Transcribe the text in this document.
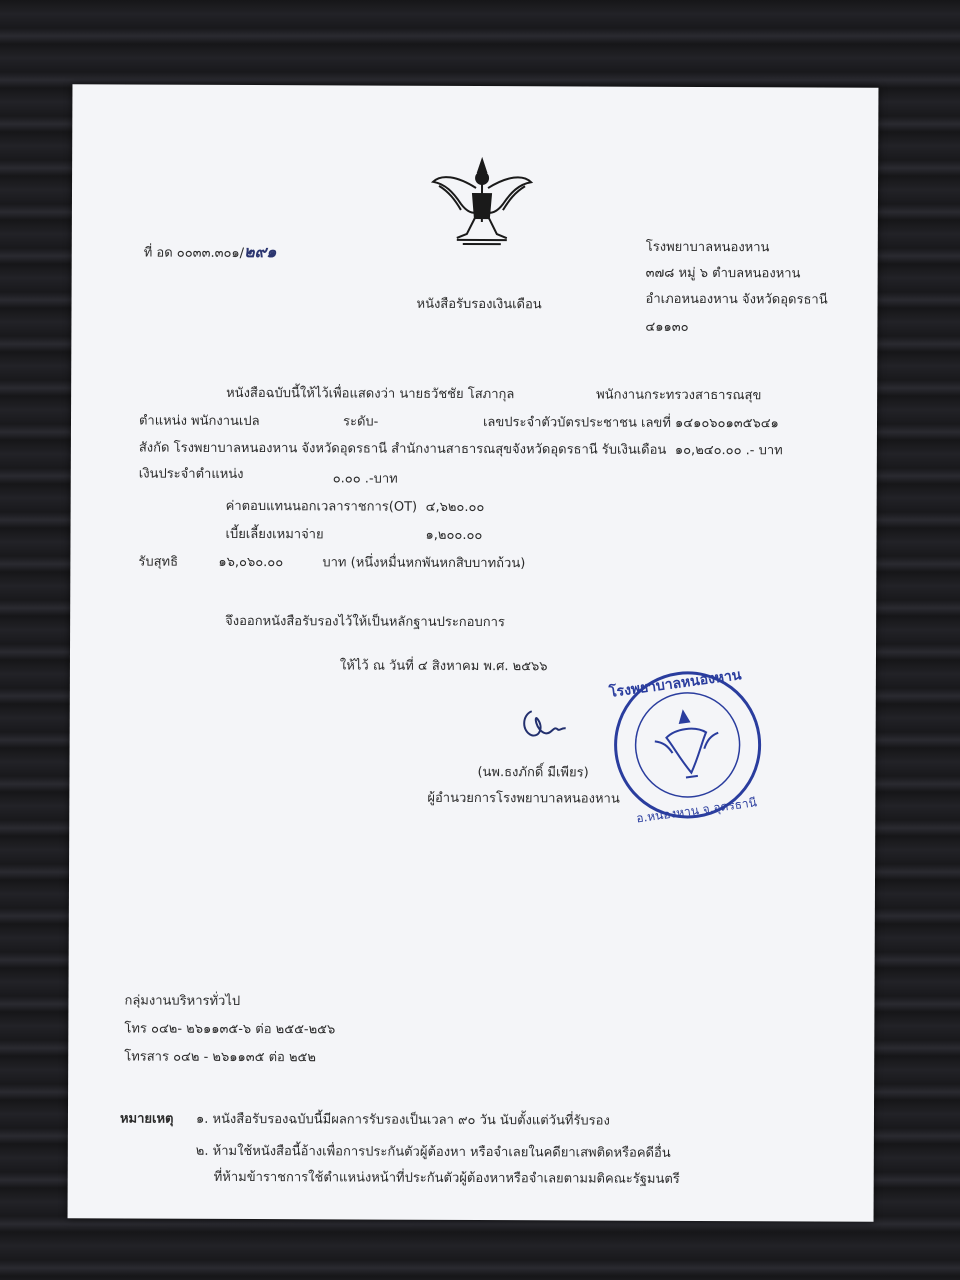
ที่ อด ๐๐๓๓.๓๐๑/๒๙๑	โรงพยาบาลหนองหาน
๓๗๘ หมู่ ๖ ตำบลหนองหาน
อำเภอหนองหาน จังหวัดอุดรธานี
๔๑๑๓๐
หนังสือรับรองเงินเดือน
หนังสือฉบับนี้ให้ไว้เพื่อแสดงว่า นายธวัชชัย โสภากุล	พนักงานกระทรวงสาธารณสุข
ตำแหน่ง พนักงานเปล	ระดับ-	เลขประจำตัวบัตรประชาชน เลขที่ ๑๔๑๐๖๐๑๓๕๖๔๑
สังกัด โรงพยาบาลหนองหาน จังหวัดอุดรธานี สำนักงานสาธารณสุขจังหวัดอุดรธานี รับเงินเดือน ๑๐,๒๔๐.๐๐ .- บาท
เงินประจำตำแหน่ง	๐.๐๐ .-บาท
ค่าตอบแทนนอกเวลาราชการ(OT) ๔,๖๒๐.๐๐
เบี้ยเลี้ยงเหมาจ่าย	๑,๒๐๐.๐๐
รับสุทธิ	๑๖,๐๖๐.๐๐	บาท (หนึ่งหมื่นหกพันหกสิบบาทถ้วน)
จึงออกหนังสือรับรองไว้ให้เป็นหลักฐานประกอบการ
ให้ไว้ ณ วันที่ ๔ สิงหาคม พ.ศ. ๒๕๖๖
(นพ.ธงภักดิ์ มีเพียร)
ผู้อำนวยการโรงพยาบาลหนองหาน
โรงพยาบาลหนองหาน
อ.หนองหาน จ.อุดรธานี
กลุ่มงานบริหารทั่วไป
โทร ๐๔๒- ๒๖๑๑๓๕-๖ ต่อ ๒๕๕-๒๕๖
โทรสาร ๐๔๒ - ๒๖๑๑๓๕ ต่อ ๒๕๒
หมายเหตุ ๑. หนังสือรับรองฉบับนี้มีผลการรับรองเป็นเวลา ๙๐ วัน นับตั้งแต่วันที่รับรอง
๒. ห้ามใช้หนังสือนี้อ้างเพื่อการประกันตัวผู้ต้องหา หรือจำเลยในคดียาเสพติดหรือคดีอื่น
ที่ห้ามข้าราชการใช้ตำแหน่งหน้าที่ประกันตัวผู้ต้องหาหรือจำเลยตามมติคณะรัฐมนตรี
